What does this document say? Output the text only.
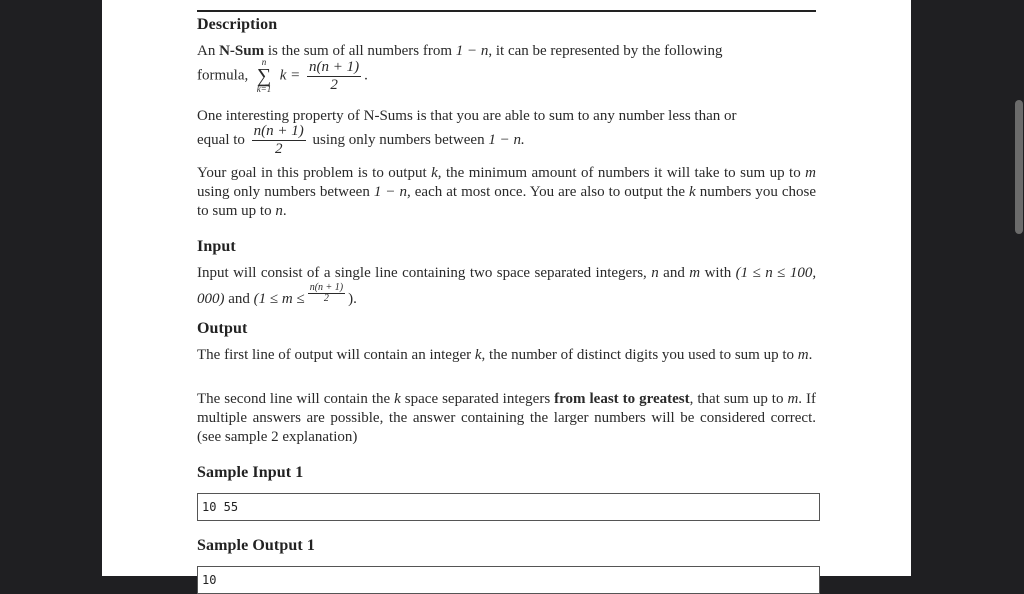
Description

An N-Sum is the sum of all numbers from 1 − n, it can be represented by the following

formula,
n
∑
k=1
$k = \frac{n(n + 1)}{2}$ .

One interesting property of N-Sums is that you are able to sum to any number less than or

equal to $\frac{n(n + 1)}{2}$ using only numbers between 1 − n.

Your goal in this problem is to output k, the minimum amount of numbers it will take to sum up to m using only numbers between 1 − n, each at most once. You are also to output the k numbers you chose to sum up to n.

Input

Input will consist of a single line containing two space separated integers, n and m with (1 ≤ n ≤ 100, 000) and ($1 \le m \le \frac{n(n + 1)}{2}$ ).

Output

The first line of output will contain an integer k, the number of distinct digits you used to sum up to m.

The second line will contain the k space separated integers from least to greatest, that sum up to m. If multiple answers are possible, the answer containing the larger numbers will be considered correct. (see sample 2 explanation)

Sample Input 1
10 55
Sample Output 1
10
